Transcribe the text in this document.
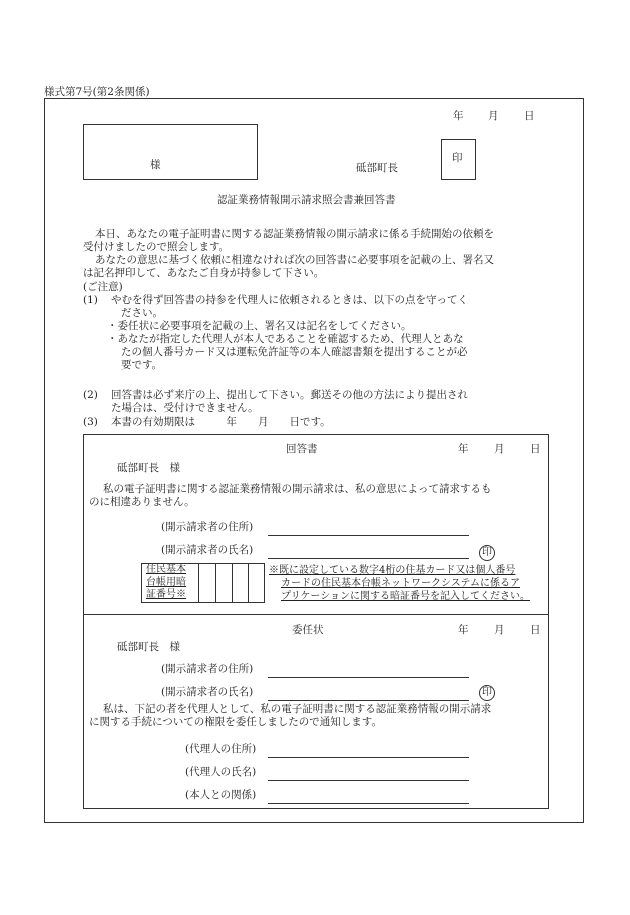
様式第7号(第2条関係)
年 月 日
様	砥部町長
印
認証業務情報開示請求照会書兼回答書
本日、あなたの電子証明書に関する認証業務情報の開示請求に係る手続開始の依頼を
受付けましたので照会します。
あなたの意思に基づく依頼に相違なければ次の回答書に必要事項を記載の上、署名又
は記名押印して、あなたご自身が持参して下さい。
(ご注意)
(1) やむを得ず回答書の持参を代理人に依頼されるときは、以下の点を守ってく
ださい。
・委任状に必要事項を記載の上、署名又は記名をしてください。
・あなたが指定した代理人が本人であることを確認するため、代理人とあな
たの個人番号カード又は運転免許証等の本人確認書類を提出することが必
要です。
(2) 回答書は必ず来庁の上、提出して下さい。郵送その他の方法により提出され
た場合は、受付けできません。
(3) 本書の有効期限は　　　年　　月　　日です。
回答書	年 月 日
砥部町長　様
私の電子証明書に関する認証業務情報の開示請求は、私の意思によって請求するも
のに相違ありません。
(開示請求者の住所)
(開示請求者の氏名)	印
住民基本
台帳用暗
証番号※
※既に設定している数字4桁の住基カード又は個人番号
カードの住民基本台帳ネットワークシステムに係るア
プリケーションに関する暗証番号を記入してください。
委任状	年 月 日
砥部町長　様
(開示請求者の住所)
(開示請求者の氏名)	印
私は、下記の者を代理人として、私の電子証明書に関する認証業務情報の開示請求
に関する手続についての権限を委任しましたので通知します。
(代理人の住所)
(代理人の氏名)
(本人との関係)
